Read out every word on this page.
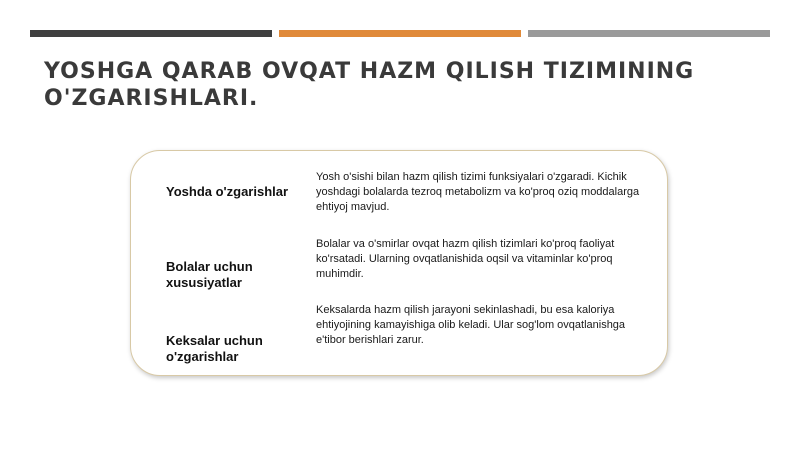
YOSHGA QARAB OVQAT HAZM QILISH TIZIMINING O'ZGARISHLARI.
Yoshda o'zgarishlar
Yosh o'sishi bilan hazm qilish tizimi funksiyalari o'zgaradi. Kichik yoshdagi bolalarda tezroq metabolizm va ko'proq oziq moddalarga ehtiyoj mavjud.
Bolalar uchun xususiyatlar
Bolalar va o'smirlar ovqat hazm qilish tizimlari ko'proq faoliyat ko'rsatadi. Ularning ovqatlanishida oqsil va vitaminlar ko'proq muhimdir.
Keksalar uchun o'zgarishlar
Keksalarda hazm qilish jarayoni sekinlashadi, bu esa kaloriya ehtiyojining kamayishiga olib keladi. Ular sog'lom ovqatlanishga e'tibor berishlari zarur.
